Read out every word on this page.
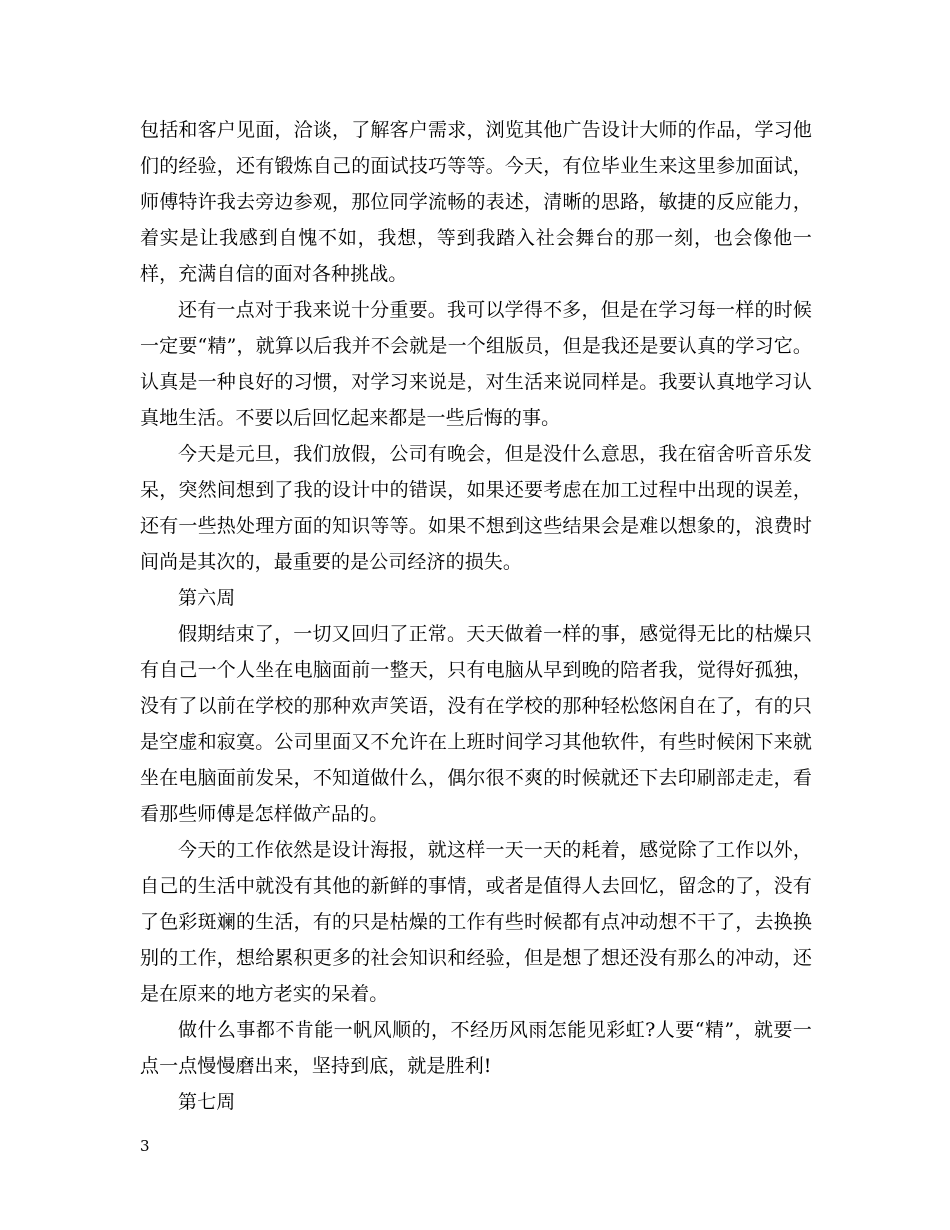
包括和客户见面，洽谈，了解客户需求，浏览其他广告设计大师的作品，学习他们的经验，还有锻炼自己的面试技巧等等。今天，有位毕业生来这里参加面试，师傅特许我去旁边参观，那位同学流畅的表述，清晰的思路，敏捷的反应能力，着实是让我感到自愧不如，我想，等到我踏入社会舞台的那一刻，也会像他一样，充满自信的面对各种挑战。

还有一点对于我来说十分重要。我可以学得不多，但是在学习每一样的时候一定要“精”，就算以后我并不会就是一个组版员，但是我还是要认真的学习它。认真是一种良好的习惯，对学习来说是，对生活来说同样是。我要认真地学习认真地生活。不要以后回忆起来都是一些后悔的事。

今天是元旦，我们放假，公司有晚会，但是没什么意思，我在宿舍听音乐发呆，突然间想到了我的设计中的错误，如果还要考虑在加工过程中出现的误差，还有一些热处理方面的知识等等。如果不想到这些结果会是难以想象的，浪费时间尚是其次的，最重要的是公司经济的损失。

第六周

假期结束了，一切又回归了正常。天天做着一样的事，感觉得无比的枯燥只有自己一个人坐在电脑面前一整天，只有电脑从早到晚的陪者我，觉得好孤独，没有了以前在学校的那种欢声笑语，没有在学校的那种轻松悠闲自在了，有的只是空虚和寂寞。公司里面又不允许在上班时间学习其他软件，有些时候闲下来就坐在电脑面前发呆，不知道做什么，偶尔很不爽的时候就还下去印刷部走走，看看那些师傅是怎样做产品的。

今天的工作依然是设计海报，就这样一天一天的耗着，感觉除了工作以外，自己的生活中就没有其他的新鲜的事情，或者是值得人去回忆，留念的了，没有了色彩斑斓的生活，有的只是枯燥的工作有些时候都有点冲动想不干了，去换换别的工作，想给累积更多的社会知识和经验，但是想了想还没有那么的冲动，还是在原来的地方老实的呆着。

做什么事都不肯能一帆风顺的，不经历风雨怎能见彩虹?人要“精”，就要一点一点慢慢磨出来，坚持到底，就是胜利!

第七周

3
